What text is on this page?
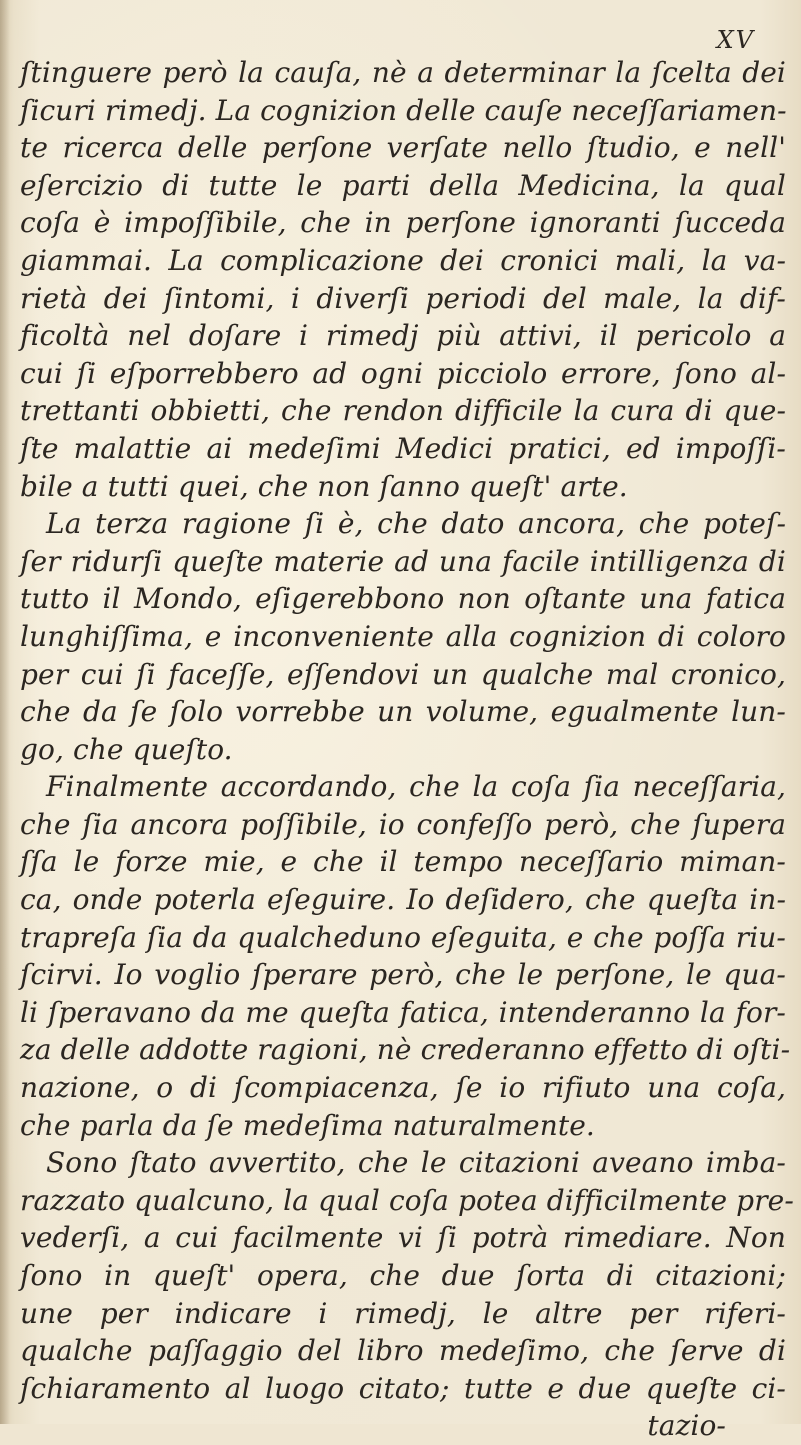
XV
ſtinguere però la cauſa, nè a determinar la ſcelta dei
ſicuri rimedj. La cognizion delle cauſe neceſſariamen-
te ricerca delle perſone verſate nello ſtudio, e nell'
eſercizio di tutte le parti della Medicina, la qual
coſa è impoſſibile, che in perſone ignoranti ſucceda
giammai. La complicazione dei cronici mali, la va-
rietà dei ſintomi, i diverſi periodi del male, la dif-
ficoltà nel doſare i rimedj più attivi, il pericolo a
cui ſi eſporrebbero ad ogni picciolo errore, ſono al-
trettanti obbietti, che rendon difficile la cura di que-
ſte malattie ai medeſimi Medici pratici, ed impoſſi-
bile a tutti quei, che non ſanno queſt' arte.
La terza ragione ſi è, che dato ancora, che poteſ-
ſer ridurſi queſte materie ad una facile intilligenza di
tutto il Mondo, eſigerebbono non oſtante una fatica
lunghiſſima, e inconveniente alla cognizion di coloro
per cui ſi faceſſe, eſſendovi un qualche mal cronico,
che da ſe ſolo vorrebbe un volume, egualmente lun-
go, che queſto.
Finalmente accordando, che la coſa ſia neceſſaria,
che ſia ancora poſſibile, io confeſſo però, che ſupera
ſſa le forze mie, e che il tempo neceſſario miman-
ca, onde poterla eſeguire. Io deſidero, che queſta in-
trapreſa ſia da qualcheduno eſeguita, e che poſſa riu-
ſcirvi. Io voglio ſperare però, che le perſone, le qua-
li ſperavano da me queſta fatica, intenderanno la for-
za delle addotte ragioni, nè crederanno effetto di oſti-
nazione, o di ſcompiacenza, ſe io rifiuto una coſa,
che parla da ſe medeſima naturalmente.
Sono ſtato avvertito, che le citazioni aveano imba-
razzato qualcuno, la qual coſa potea difficilmente pre-
vederſi, a cui facilmente vi ſi potrà rimediare. Non
ſono in queſt' opera, che due ſorta di citazioni;
une per indicare i rimedj, le altre per riferi-
qualche paſſaggio del libro medeſimo, che ſerve di
ſchiaramento al luogo citato; tutte e due queſte ci-
tazio-
